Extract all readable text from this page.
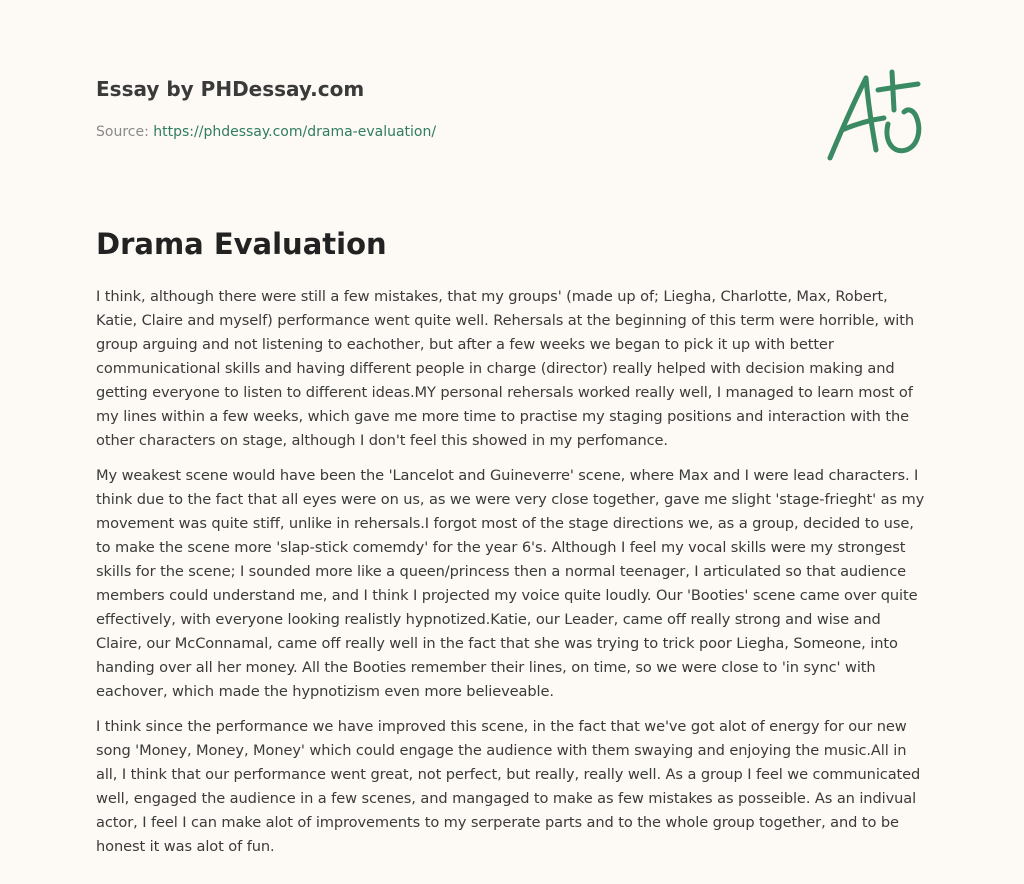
Essay by PHDessay.com
Source: https://phdessay.com/drama-evaluation/
Drama Evaluation

I think, although there were still a few mistakes, that my groups' (made up of; Liegha, Charlotte, Max, Robert, Katie, Claire and myself) performance went quite well. Rehersals at the beginning of this term were horrible, with group arguing and not listening to eachother, but after a few weeks we began to pick it up with better communicational skills and having different people in charge (director) really helped with decision making and getting everyone to listen to different ideas.MY personal rehersals worked really well, I managed to learn most of my lines within a few weeks, which gave me more time to practise my staging positions and interaction with the other characters on stage, although I don't feel this showed in my perfomance.

My weakest scene would have been the 'Lancelot and Guineverre' scene, where Max and I were lead characters. I think due to the fact that all eyes were on us, as we were very close together, gave me slight 'stage-frieght' as my movement was quite stiff, unlike in rehersals.I forgot most of the stage directions we, as a group, decided to use, to make the scene more 'slap-stick comemdy' for the year 6's. Although I feel my vocal skills were my strongest skills for the scene; I sounded more like a queen/princess then a normal teenager, I articulated so that audience members could understand me, and I think I projected my voice quite loudly. Our 'Booties' scene came over quite effectively, with everyone looking realistly hypnotized.Katie, our Leader, came off really strong and wise and Claire, our McConnamal, came off really well in the fact that she was trying to trick poor Liegha, Someone, into handing over all her money. All the Booties remember their lines, on time, so we were close to 'in sync' with eachover, which made the hypnotizism even more believeable.

I think since the performance we have improved this scene, in the fact that we've got alot of energy for our new song 'Money, Money, Money' which could engage the audience with them swaying and enjoying the music.All in all, I think that our performance went great, not perfect, but really, really well. As a group I feel we communicated well, engaged the audience in a few scenes, and mangaged to make as few mistakes as posseible. As an indivual actor, I feel I can make alot of improvements to my serperate parts and to the whole group together, and to be honest it was alot of fun.
